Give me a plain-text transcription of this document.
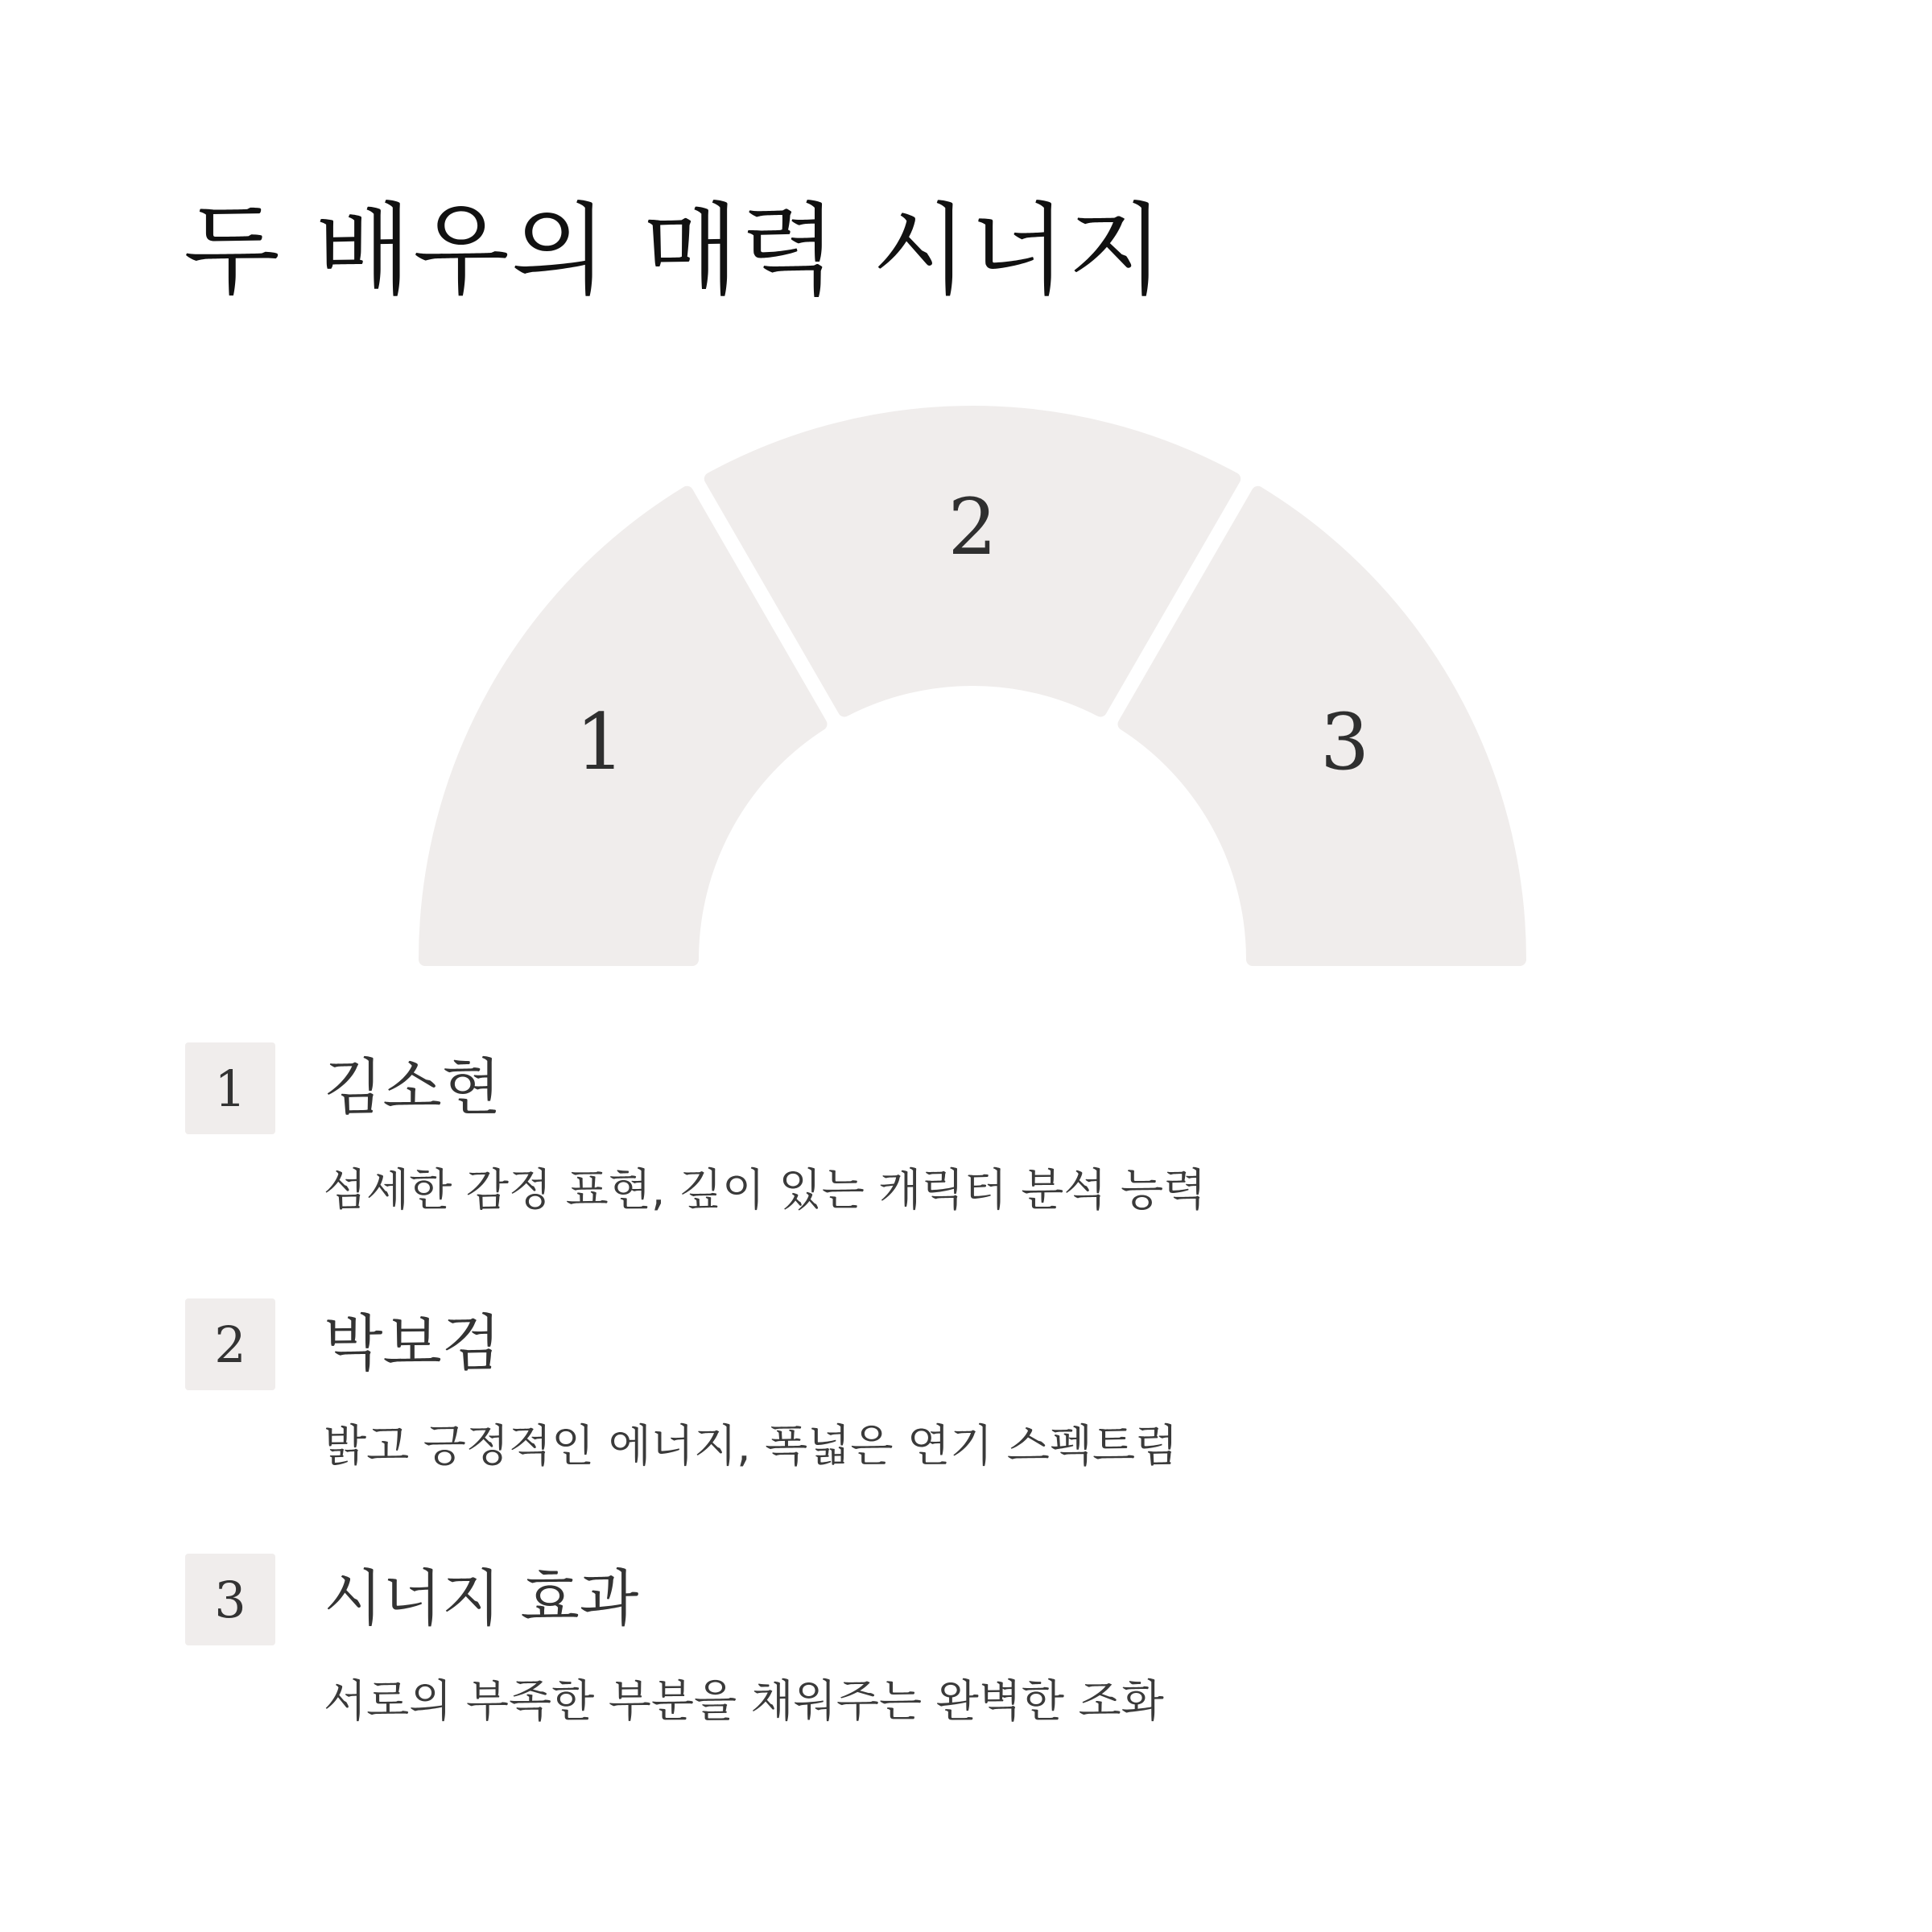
두 배우의 매력 시너지
1
2
3
1	김소현

섬세한 감정 표현, 깊이 있는 캐릭터 분석 능력

2	박보검

밝고 긍정적인 에너지, 폭넓은 연기 스펙트럼

3	시너지 효과

서로의 부족한 부분을 채워주는 완벽한 조화
